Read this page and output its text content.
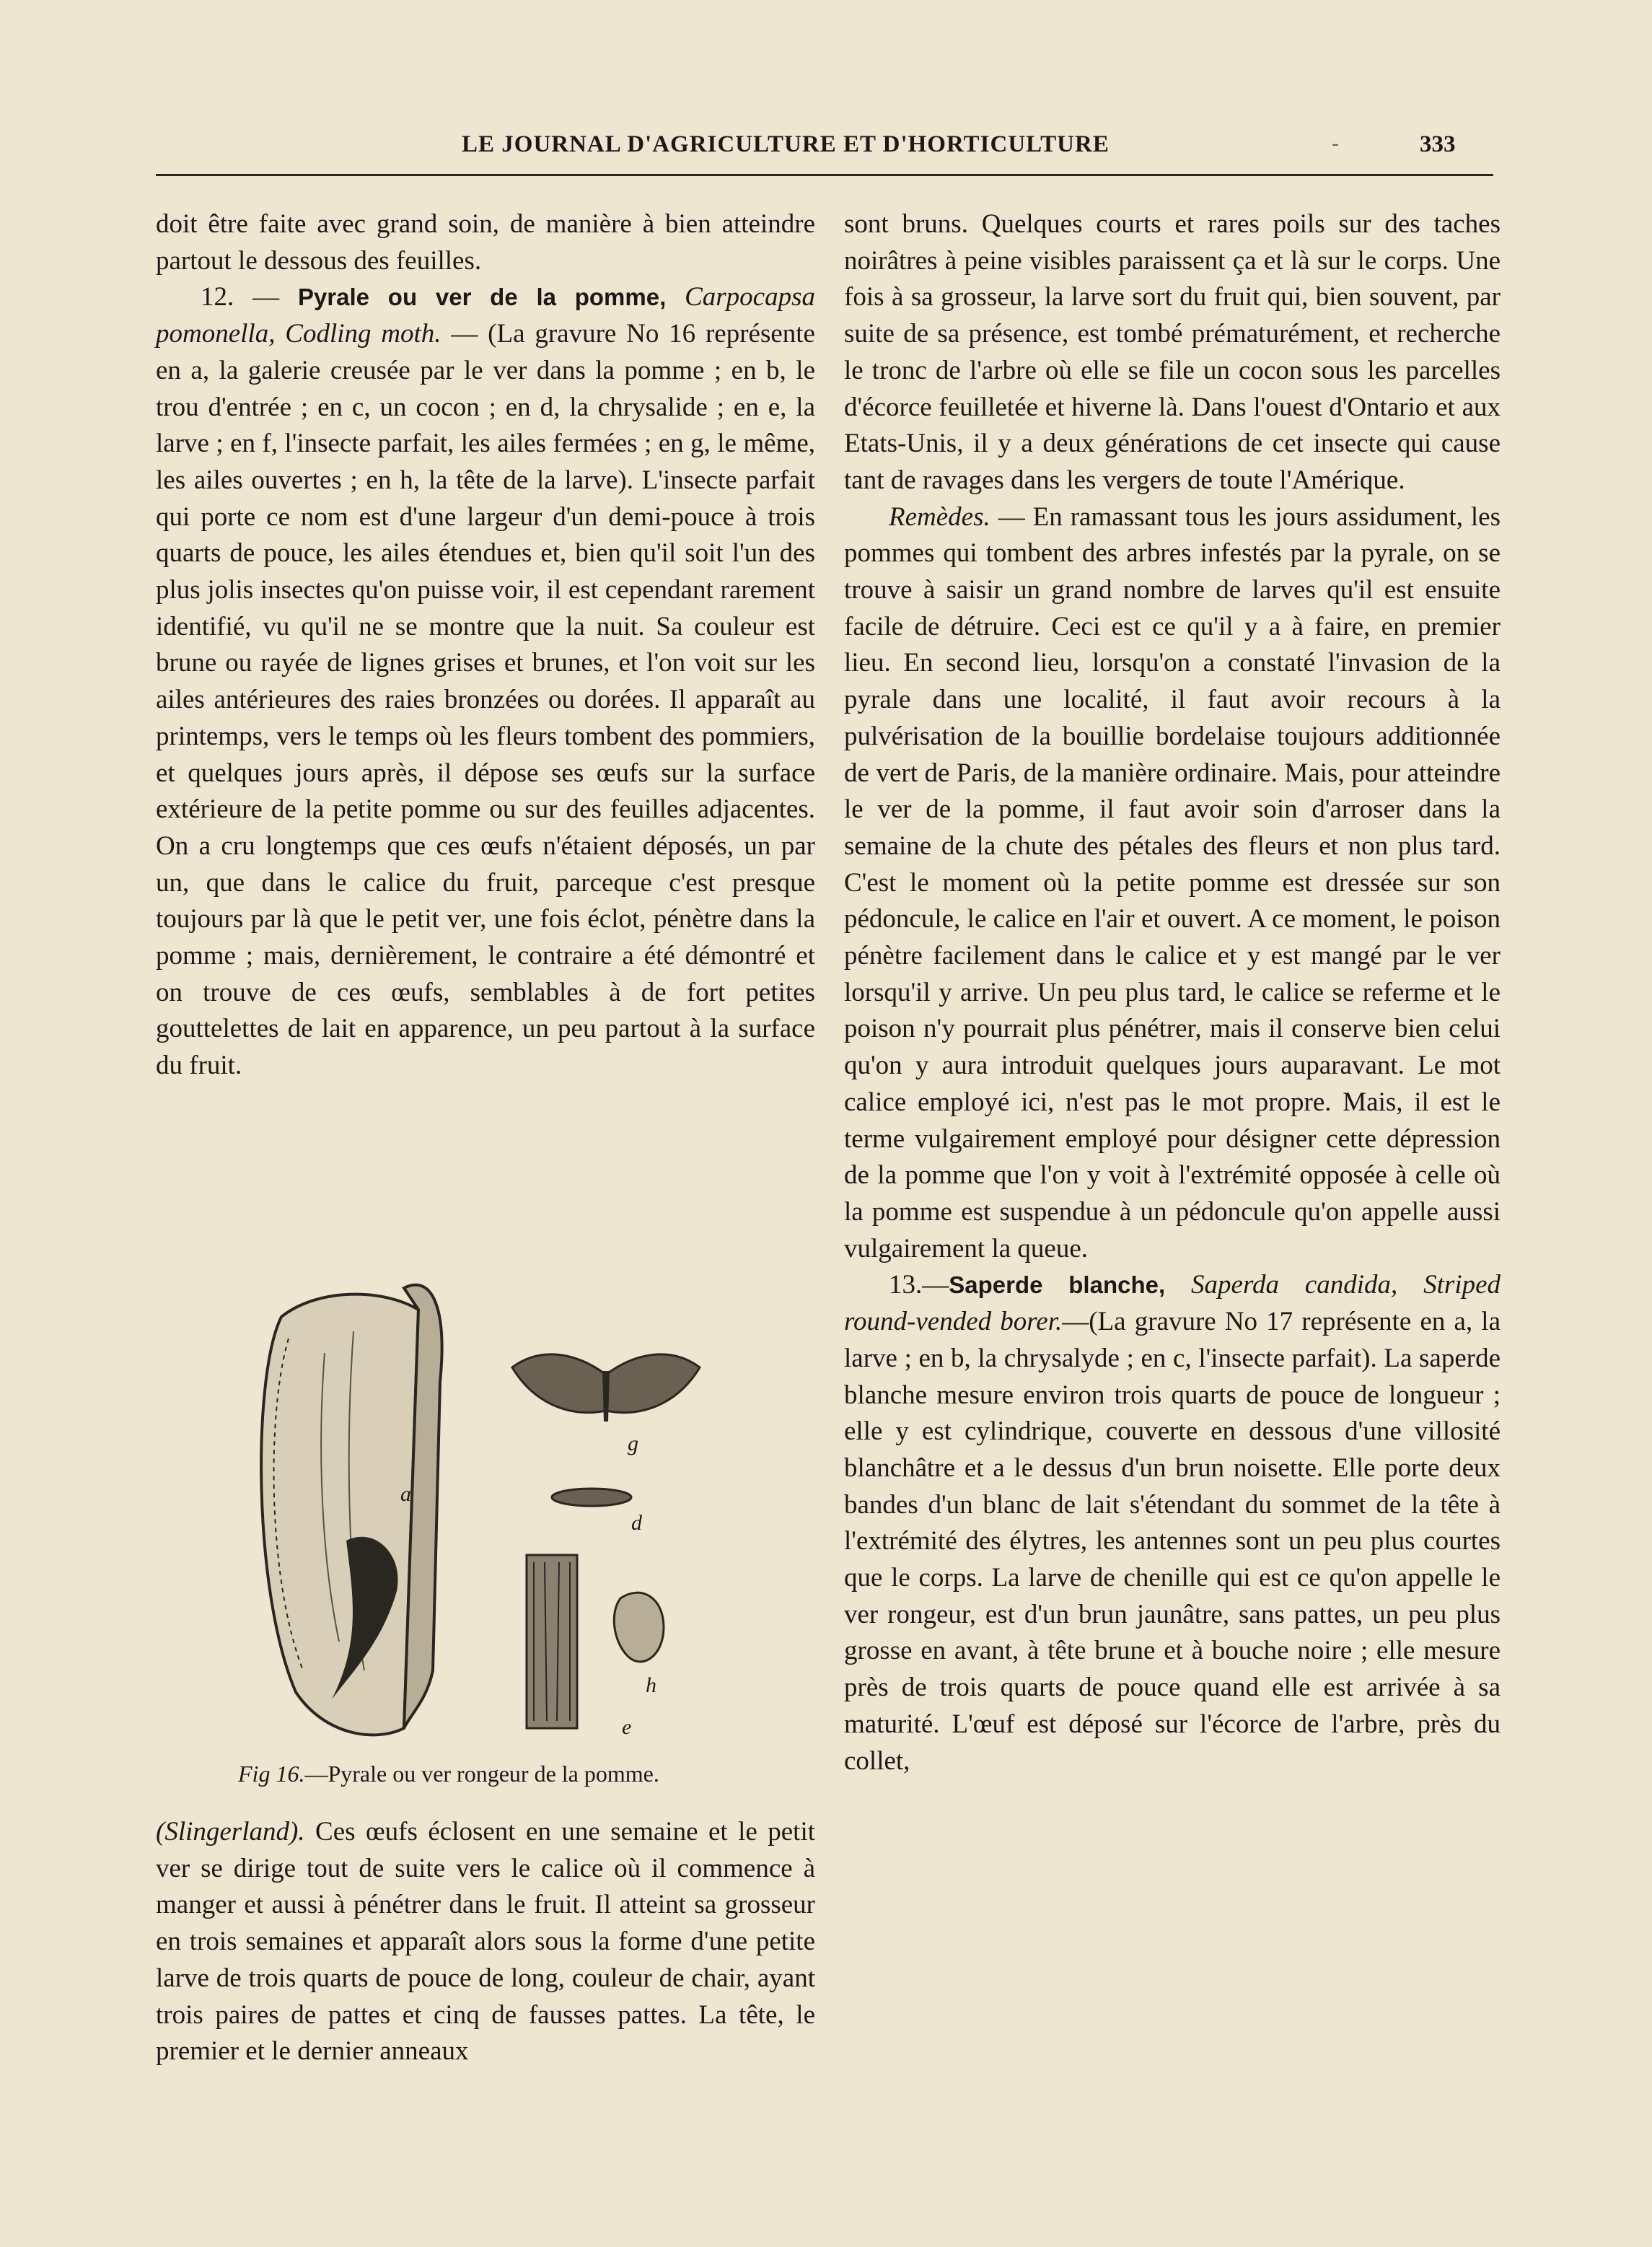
LE JOURNAL D'AGRICULTURE ET D'HORTICULTURE	-	333

doit être faite avec grand soin, de manière à bien atteindre partout le dessous des feuilles.

12. — Pyrale ou ver de la pomme, Carpocapsa pomonella, Codling moth. — (La gravure No 16 représente en a, la galerie creusée par le ver dans la pomme ; en b, le trou d'entrée ; en c, un cocon ; en d, la chrysalide ; en e, la larve ; en f, l'insecte parfait, les ailes fermées ; en g, le même, les ailes ouvertes ; en h, la tête de la larve). L'insecte parfait qui porte ce nom est d'une largeur d'un demi-pouce à trois quarts de pouce, les ailes étendues et, bien qu'il soit l'un des plus jolis insectes qu'on puisse voir, il est cependant rarement identifié, vu qu'il ne se montre que la nuit. Sa couleur est brune ou rayée de lignes grises et brunes, et l'on voit sur les ailes antérieures des raies bronzées ou dorées. Il apparaît au printemps, vers le temps où les fleurs tombent des pommiers, et quelques jours après, il dépose ses œufs sur la surface extérieure de la petite pomme ou sur des feuilles adjacentes. On a cru longtemps que ces œufs n'étaient déposés, un par un, que dans le calice du fruit, parceque c'est presque toujours par là que le petit ver, une fois éclot, pénètre dans la pomme ; mais, dernièrement, le contraire a été démontré et on trouve de ces œufs, semblables à de fort petites gouttelettes de lait en apparence, un peu partout à la surface du fruit.

a
g
d
h
e
Fig 16.—Pyrale ou ver rongeur de la pomme.

(Slingerland). Ces œufs éclosent en une semaine et le petit ver se dirige tout de suite vers le calice où il commence à manger et aussi à pénétrer dans le fruit. Il atteint sa grosseur en trois semaines et apparaît alors sous la forme d'une petite larve de trois quarts de pouce de long, couleur de chair, ayant trois paires de pattes et cinq de fausses pattes. La tête, le premier et le dernier anneaux

sont bruns. Quelques courts et rares poils sur des taches noirâtres à peine visibles paraissent ça et là sur le corps. Une fois à sa grosseur, la larve sort du fruit qui, bien souvent, par suite de sa présence, est tombé prématurément, et recherche le tronc de l'arbre où elle se file un cocon sous les parcelles d'écorce feuilletée et hiverne là. Dans l'ouest d'Ontario et aux Etats-Unis, il y a deux générations de cet insecte qui cause tant de ravages dans les vergers de toute l'Amérique.

Remèdes. — En ramassant tous les jours assidument, les pommes qui tombent des arbres infestés par la pyrale, on se trouve à saisir un grand nombre de larves qu'il est ensuite facile de détruire. Ceci est ce qu'il y a à faire, en premier lieu. En second lieu, lorsqu'on a constaté l'invasion de la pyrale dans une localité, il faut avoir recours à la pulvérisation de la bouillie bordelaise toujours additionnée de vert de Paris, de la manière ordinaire. Mais, pour atteindre le ver de la pomme, il faut avoir soin d'arroser dans la semaine de la chute des pétales des fleurs et non plus tard. C'est le moment où la petite pomme est dressée sur son pédoncule, le calice en l'air et ouvert. A ce moment, le poison pénètre facilement dans le calice et y est mangé par le ver lorsqu'il y arrive. Un peu plus tard, le calice se referme et le poison n'y pourrait plus pénétrer, mais il conserve bien celui qu'on y aura introduit quelques jours auparavant. Le mot calice employé ici, n'est pas le mot propre. Mais, il est le terme vulgairement employé pour désigner cette dépression de la pomme que l'on y voit à l'extrémité opposée à celle où la pomme est suspendue à un pédoncule qu'on appelle aussi vulgairement la queue.

13.—Saperde blanche, Saperda candida, Striped round-vended borer.—(La gravure No 17 représente en a, la larve ; en b, la chrysalyde ; en c, l'insecte parfait). La saperde blanche mesure environ trois quarts de pouce de longueur ; elle y est cylindrique, couverte en dessous d'une villosité blanchâtre et a le dessus d'un brun noisette. Elle porte deux bandes d'un blanc de lait s'étendant du sommet de la tête à l'extrémité des élytres, les antennes sont un peu plus courtes que le corps. La larve de chenille qui est ce qu'on appelle le ver rongeur, est d'un brun jaunâtre, sans pattes, un peu plus grosse en avant, à tête brune et à bouche noire ; elle mesure près de trois quarts de pouce quand elle est arrivée à sa maturité. L'œuf est déposé sur l'écorce de l'arbre, près du collet,
